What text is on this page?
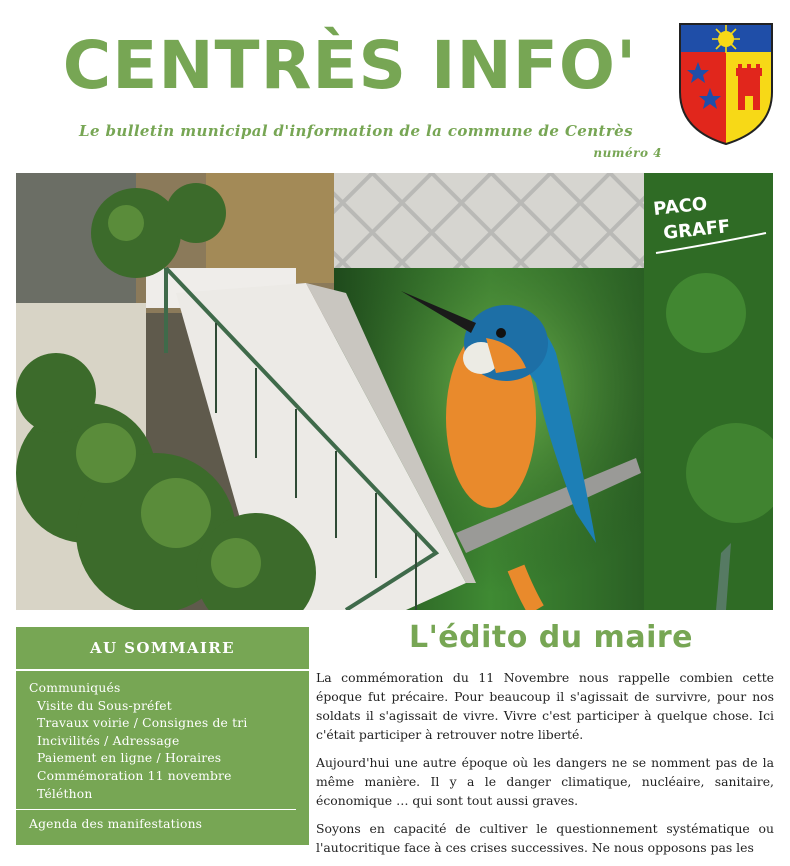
CENTRÈS INFO'
Le bulletin municipal d'information de la commune de Centrès
numéro 4
PACO
GRAFF
AU SOMMAIRE
Communiqués
Visite du Sous-préfet
Travaux voirie / Consignes de tri
Incivilités / Adressage
Paiement en ligne / Horaires
Commémoration 11 novembre
Téléthon
Agenda des manifestations
L'édito du maire

La commémoration du 11 Novembre nous rappelle combien cette époque fut précaire. Pour beaucoup il s'agissait de survivre, pour nos soldats il s'agissait de vivre. Vivre c'est participer à quelque chose. Ici c'était participer à retrouver notre liberté.

Aujourd'hui une autre époque où les dangers ne se nomment pas de la même manière. Il y a le danger climatique, nucléaire, sanitaire, économique … qui sont tout aussi graves.

Soyons en capacité de cultiver le questionnement systématique ou l'autocritique face à ces crises successives. Ne nous opposons pas les
